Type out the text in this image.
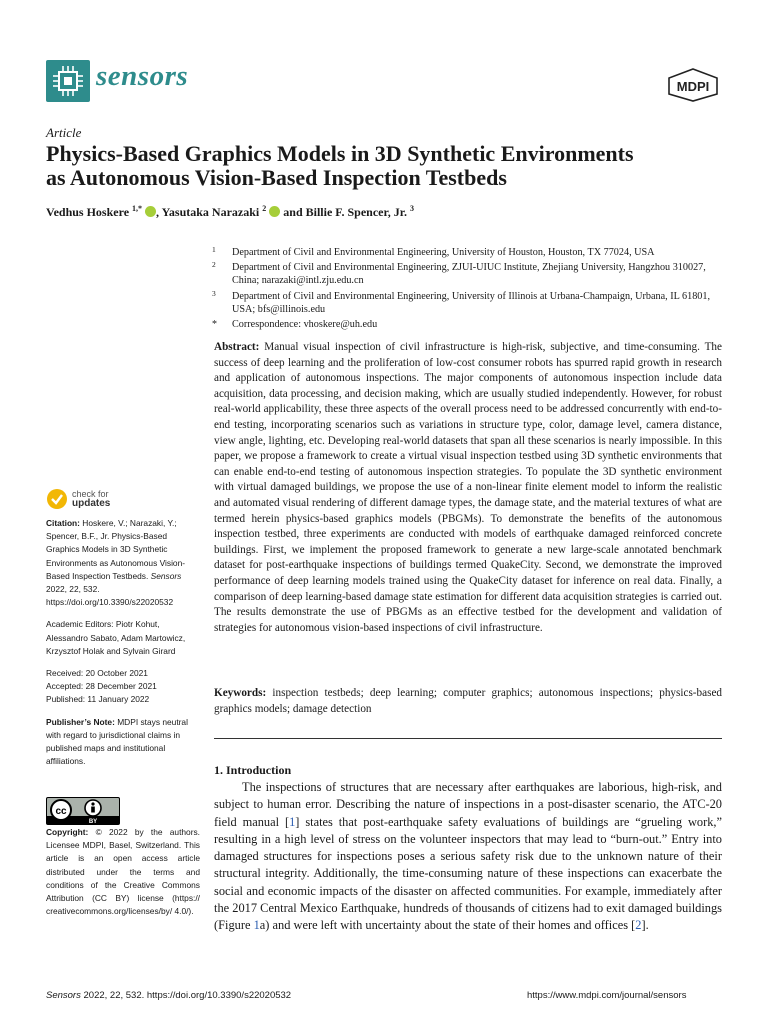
sensors	MDPI
Article
Physics-Based Graphics Models in 3D Synthetic Environments
as Autonomous Vision-Based Inspection Testbeds
Vedhus Hoskere $^{1,*}$ , Yasutaka Narazaki $^2$  and Billie F. Spencer, Jr. $^3$
1 Department of Civil and Environmental Engineering, University of Houston, Houston, TX 77024, USA
2 Department of Civil and Environmental Engineering, ZJUI-UIUC Institute, Zhejiang University, Hangzhou 310027, China; narazaki@intl.zju.edu.cn
3 Department of Civil and Environmental Engineering, University of Illinois at Urbana-Champaign, Urbana, IL 61801, USA; bfs@illinois.edu
* Correspondence: vhoskere@uh.edu
Abstract: Manual visual inspection of civil infrastructure is high-risk, subjective, and time-consuming. The success of deep learning and the proliferation of low-cost consumer robots has spurred rapid growth in research and application of autonomous inspections. The major components of autonomous inspection include data acquisition, data processing, and decision making, which are usually studied independently. However, for robust real-world applicability, these three aspects of the overall process need to be addressed concurrently with end-to-end testing, incorporating scenarios such as variations in structure type, color, damage level, camera distance, view angle, lighting, etc. Developing real-world datasets that span all these scenarios is nearly impossible. In this paper, we propose a framework to create a virtual visual inspection testbed using 3D synthetic environments that can enable end-to-end testing of autonomous inspection strategies. To populate the 3D synthetic environment with virtual damaged buildings, we propose the use of a non-linear finite element model to inform the realistic and automated visual rendering of different damage types, the damage state, and the material textures of what are termed herein physics-based graphics models (PBGMs). To demonstrate the benefits of the autonomous inspection testbed, three experiments are conducted with models of earthquake damaged reinforced concrete buildings. First, we implement the proposed framework to generate a new large-scale annotated benchmark dataset for post-earthquake inspections of buildings termed QuakeCity. Second, we demonstrate the improved performance of deep learning models trained using the QuakeCity dataset for inference on real data. Finally, a comparison of deep learning-based damage state estimation for different data acquisition strategies is carried out. The results demonstrate the use of PBGMs as an effective testbed for the development and validation of strategies for autonomous vision-based inspections of civil infrastructure.
Keywords: inspection testbeds; deep learning; computer graphics; autonomous inspections; physics-based graphics models; damage detection
1. Introduction
The inspections of structures that are necessary after earthquakes are laborious, high-risk, and subject to human error. Describing the nature of inspections in a post-disaster scenario, the ATC-20 field manual [1] states that post-earthquake safety evaluations of buildings are “grueling work,” resulting in a high level of stress on the volunteer inspectors that may lead to “burn-out.” Entry into damaged structures for inspections poses a serious safety risk due to the unknown nature of their structural integrity. Additionally, the time-consuming nature of these inspections can exacerbate the social and economic impacts of the disaster on affected communities. For example, immediately after the 2017 Central Mexico Earthquake, hundreds of thousands of citizens had to exit damaged buildings (Figure 1a) and were left with uncertainty about the state of their homes and offices [2].
check for
updates
Citation: Hoskere, V.; Narazaki, Y.; Spencer, B.F., Jr. Physics-Based Graphics Models in 3D Synthetic Environments as Autonomous Vision-Based Inspection Testbeds. Sensors 2022, 22, 532. https://doi.org/10.3390/s22020532
Academic Editors: Piotr Kohut, Alessandro Sabato, Adam Martowicz, Krzysztof Holak and Sylvain Girard
Received: 20 October 2021
Accepted: 28 December 2021
Published: 11 January 2022
Publisher’s Note: MDPI stays neutral with regard to jurisdictional claims in published maps and institutional affiliations.
cc
BY
Copyright: © 2022 by the authors. Licensee MDPI, Basel, Switzerland. This article is an open access article distributed under the terms and conditions of the Creative Commons Attribution (CC BY) license (https:// creativecommons.org/licenses/by/ 4.0/).
Sensors 2022, 22, 532. https://doi.org/10.3390/s22020532	https://www.mdpi.com/journal/sensors
